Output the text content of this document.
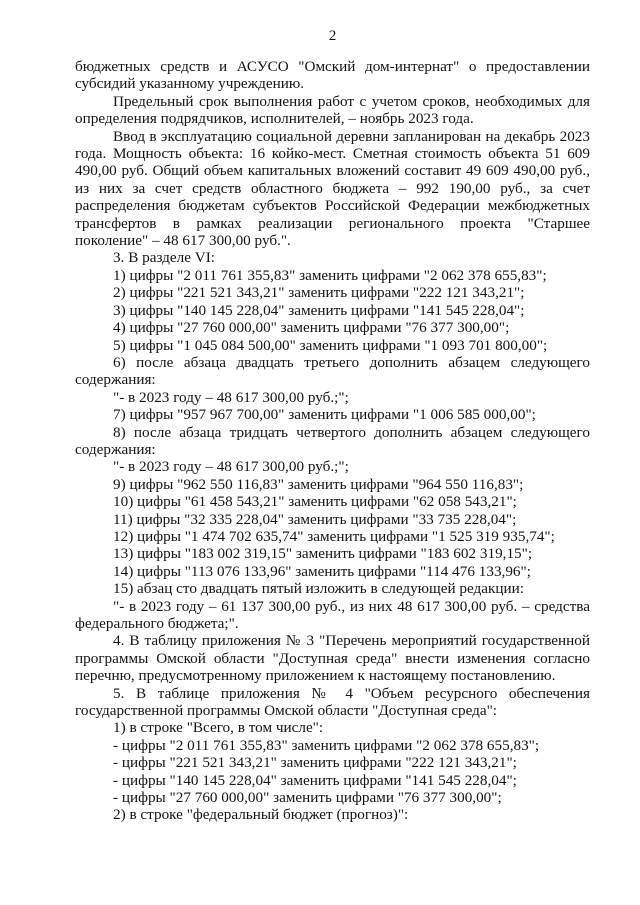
2

бюджетных средств и АСУСО "Омский дом-интернат" о предоставлении субсидий указанному учреждению.

Предельный срок выполнения работ с учетом сроков, необходимых для определения подрядчиков, исполнителей, – ноябрь 2023 года.

Ввод в эксплуатацию социальной деревни запланирован на декабрь 2023 года. Мощность объекта: 16 койко-мест. Сметная стоимость объекта 51 609 490,00 руб. Общий объем капитальных вложений составит 49 609 490,00 руб., из них за счет средств областного бюджета – 992 190,00 руб., за счет распределения бюджетам субъектов Российской Федерации межбюджетных трансфертов в рамках реализации регионального проекта "Старшее поколение" – 48 617 300,00 руб.".

3. В разделе VI:

1) цифры "2 011 761 355,83" заменить цифрами "2 062 378 655,83";

2) цифры "221 521 343,21" заменить цифрами "222 121 343,21";

3) цифры "140 145 228,04" заменить цифрами "141 545 228,04";

4) цифры "27 760 000,00" заменить цифрами "76 377 300,00";

5) цифры "1 045 084 500,00" заменить цифрами "1 093 701 800,00";

6) после абзаца двадцать третьего дополнить абзацем следующего содержания:

"- в 2023 году – 48 617 300,00 руб.;";

7) цифры "957 967 700,00" заменить цифрами "1 006 585 000,00";

8) после абзаца тридцать четвертого дополнить абзацем следующего содержания:

"- в 2023 году – 48 617 300,00 руб.;";

9) цифры "962 550 116,83" заменить цифрами "964 550 116,83";

10) цифры "61 458 543,21" заменить цифрами "62 058 543,21";

11) цифры "32 335 228,04" заменить цифрами "33 735 228,04";

12) цифры "1 474 702 635,74" заменить цифрами "1 525 319 935,74";

13) цифры "183 002 319,15" заменить цифрами "183 602 319,15";

14) цифры "113 076 133,96" заменить цифрами "114 476 133,96";

15) абзац сто двадцать пятый изложить в следующей редакции:

"- в 2023 году – 61 137 300,00 руб., из них 48 617 300,00 руб. – средства федерального бюджета;".

4. В таблицу приложения № 3 "Перечень мероприятий государственной программы Омской области "Доступная среда" внести изменения согласно перечню, предусмотренному приложением к настоящему постановлению.

5. В таблице приложения № 4 "Объем ресурсного обеспечения государственной программы Омской области "Доступная среда":

1) в строке "Всего, в том числе":

- цифры "2 011 761 355,83" заменить цифрами "2 062 378 655,83";

- цифры "221 521 343,21" заменить цифрами "222 121 343,21";

- цифры "140 145 228,04" заменить цифрами "141 545 228,04";

- цифры "27 760 000,00" заменить цифрами "76 377 300,00";

2) в строке "федеральный бюджет (прогноз)":
